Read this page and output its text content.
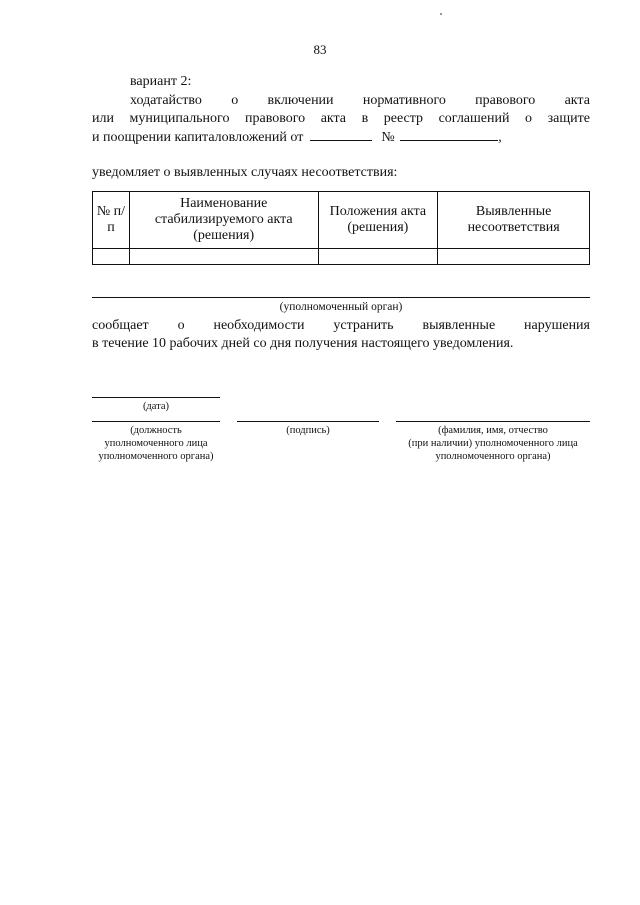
83
вариант 2:
ходатайство о включении нормативного правового акта
или муниципального правового акта в реестр соглашений о защите
и поощрении капиталовложений от	№	,
уведомляет о выявленных случаях несоответствия:
№ п/п	Наименование стабилизируемого акта (решения)	Положения акта (решения)	Выявленные несоответствия

(уполномоченный орган)
сообщает о необходимости устранить выявленные нарушения
в течение 10 рабочих дней со дня получения настоящего уведомления.
(дата)
(должность
уполномоченного лица
уполномоченного органа)
(подпись)	(фамилия, имя, отчество
(при наличии) уполномоченного лица
уполномоченного органа)
